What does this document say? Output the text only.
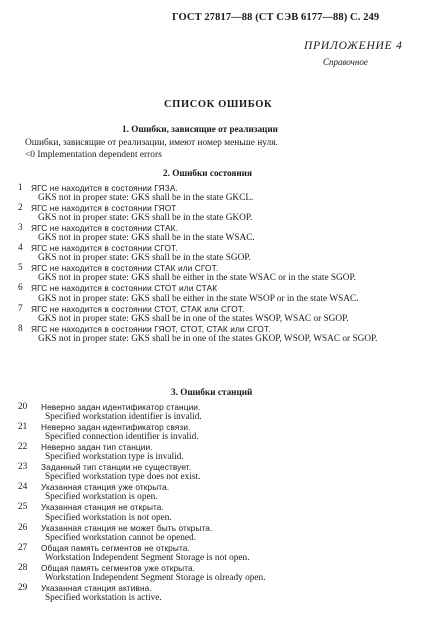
ГОСТ 27817—88 (СТ СЭВ 6177—88) С. 249
ПРИЛОЖЕНИЕ 4
Справочное
СПИСОК ОШИБОК
1. Ошибки, зависящие от реализации
Ошибки, зависящие от реализации, имеют номер меньше нуля.
<0 Implementation dependent errors
2. Ошибки состояния
1	ЯГС не находится в состоянии ГЯЗА.
GKS not in proper state: GKS shall be in the state GKCL.
2	ЯГС не находится в состоянии ГЯОТ
GKS not in proper state: GKS shall be in the state GKOP.
3	ЯГС не находится в состоянии СТАК.
GKS not in proper state: GKS shall be in the state WSAC.
4	ЯГС не находится в состоянии СГОТ.
GKS not in proper state: GKS shall be in the state SGOP.
5	ЯГС не находится в состоянии СТАК или СГОТ.
GKS not in proper state: GKS shall be either in the state WSAC or in the state SGOP.
6	ЯГС не находится в состоянии СТОТ или СТАК
GKS not in proper state: GKS shall be either in the state WSOP or in the state WSAC.
7	ЯГС не находится в состоянии СТОТ, СТАК или СГОТ.
GKS not in proper state: GKS shall be in one of the states WSOP, WSAC or SGOP.
8	ЯГС не находится в состоянии ГЯОТ, СТОТ, СТАК или СГОТ.
GKS not in proper state: GKS shall be in one of the states GKOP, WSOP, WSAC or SGOP.
3. Ошибки станций
20	Неверно задан идентификатор станции.
Specified workstation identifier is invalid.
21	Неверно задан идентификатор связи.
Specified connection identifier is invalid.
22	Неверно задан тип станции.
Specified workstation type is invalid.
23	Заданный тип станции не существует.
Specified workstation type does not exist.
24	Указанная станция уже открыта.
Specified workstation is open.
25	Указанная станция не открыта.
Specified workstation is not open.
26	Указанная станция не может быть открыта.
Specified workstation cannot be opened.
27	Общая память сегментов не открыта.
Workstation Independent Segment Storage is not open.
28	Общая память сегментов уже открыта.
Workstation Independent Segment Storage is olready open.
29	Указанная станция активна.
Specified workstation is active.
